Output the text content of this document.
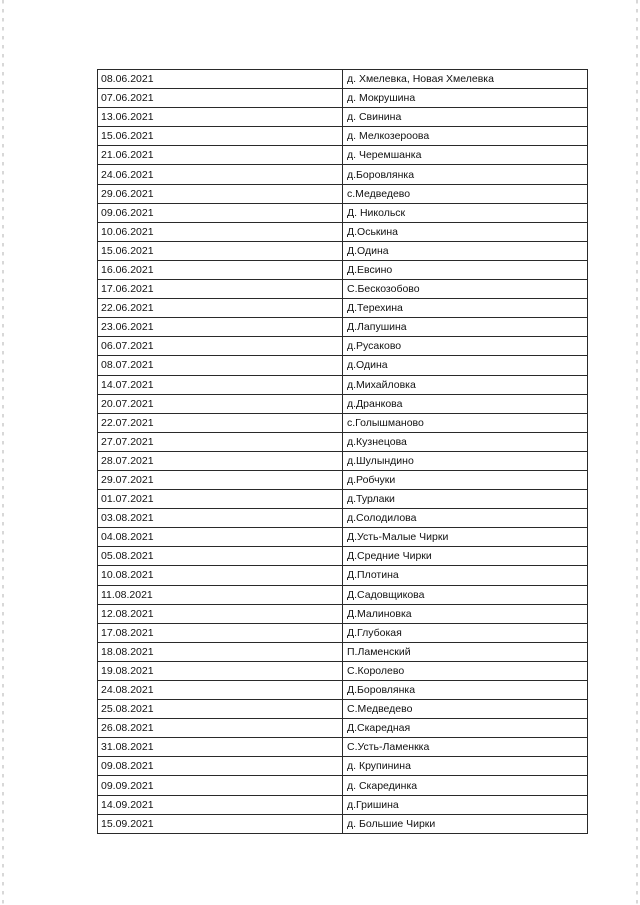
08.06.2021	д. Хмелевка, Новая Хмелевка
07.06.2021	д. Мокрушина
13.06.2021	д. Свинина
15.06.2021	д. Мелкозероова
21.06.2021	д. Черемшанка
24.06.2021	д.Боровлянка
29.06.2021	с.Медведево
09.06.2021	Д. Никольск
10.06.2021	Д.Оськина
15.06.2021	Д.Одина
16.06.2021	Д.Евсино
17.06.2021	С.Бескозобово
22.06.2021	Д.Терехина
23.06.2021	Д.Лапушина
06.07.2021	д.Русаково
08.07.2021	д.Одина
14.07.2021	д.Михайловка
20.07.2021	д.Дранкова
22.07.2021	с.Голышманово
27.07.2021	д.Кузнецова
28.07.2021	д.Шулындино
29.07.2021	д.Робчуки
01.07.2021	д.Турлаки
03.08.2021	д.Солодилова
04.08.2021	Д.Усть-Малые Чирки
05.08.2021	Д.Средние Чирки
10.08.2021	Д.Плотина
11.08.2021	Д.Садовщикова
12.08.2021	Д.Малиновка
17.08.2021	Д.Глубокая
18.08.2021	П.Ламенский
19.08.2021	С.Королево
24.08.2021	Д.Боровлянка
25.08.2021	С.Медведево
26.08.2021	Д.Скаредная
31.08.2021	С.Усть-Ламенкка
09.08.2021	д. Крупинина
09.09.2021	д. Скарединка
14.09.2021	д.Гришина
15.09.2021	д. Большие Чирки
